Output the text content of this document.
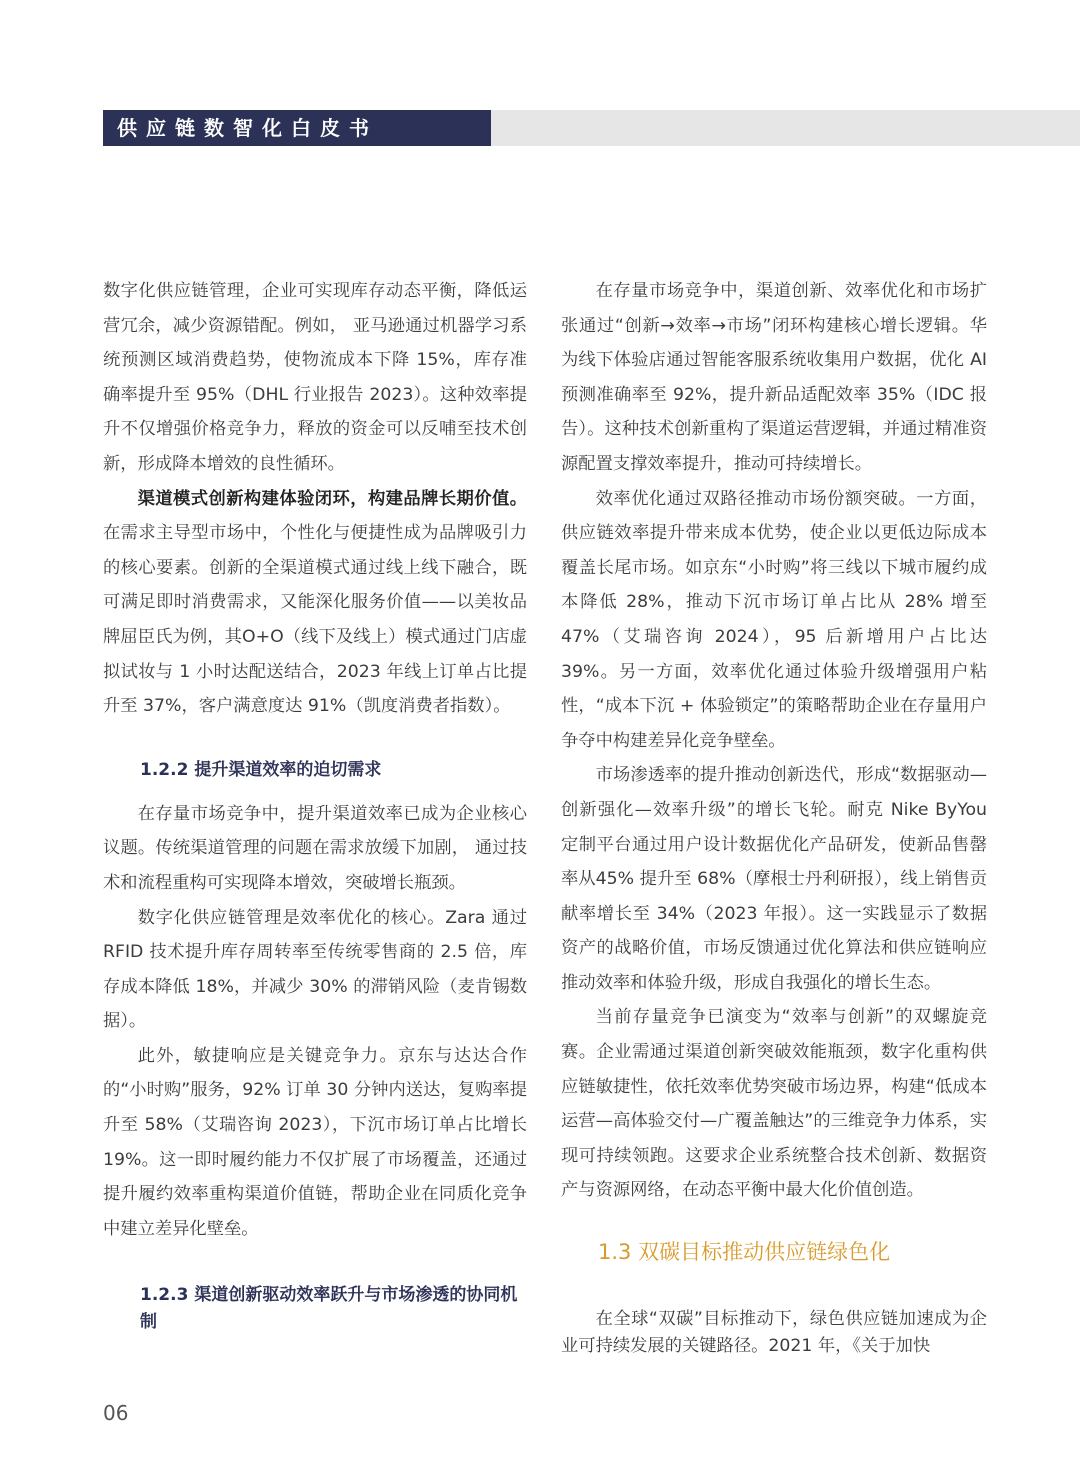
供应链数智化白皮书

数字化供应链管理，企业可实现库存动态平衡，降低运营冗余，减少资源错配。例如， 亚马逊通过机器学习系统预测区域消费趋势，使物流成本下降 15%，库存准确率提升至 95%（DHL 行业报告 2023）。这种效率提升不仅增强价格竞争力，释放的资金可以反哺至技术创新，形成降本增效的良性循环。

渠道模式创新构建体验闭环，构建品牌长期价值。在需求主导型市场中，个性化与便捷性成为品牌吸引力的核心要素。创新的全渠道模式通过线上线下融合，既可满足即时消费需求，又能深化服务价值——以美妆品牌屈臣氏为例，其O+O（线下及线上）模式通过门店虚拟试妆与 1 小时达配送结合，2023 年线上订单占比提升至 37%，客户满意度达 91%（凯度消费者指数）。

1.2.2 提升渠道效率的迫切需求

在存量市场竞争中，提升渠道效率已成为企业核心议题。传统渠道管理的问题在需求放缓下加剧， 通过技术和流程重构可实现降本增效，突破增长瓶颈。

数字化供应链管理是效率优化的核心。Zara 通过 RFID 技术提升库存周转率至传统零售商的 2.5 倍，库存成本降低 18%，并减少 30% 的滞销风险（麦肯锡数据）。

此外，敏捷响应是关键竞争力。京东与达达合作的“小时购”服务，92% 订单 30 分钟内送达，复购率提升至 58%（艾瑞咨询 2023），下沉市场订单占比增长 19%。这一即时履约能力不仅扩展了市场覆盖，还通过提升履约效率重构渠道价值链，帮助企业在同质化竞争中建立差异化壁垒。

1.2.3 渠道创新驱动效率跃升与市场渗透的协同机制

在存量市场竞争中，渠道创新、效率优化和市场扩张通过“创新→效率→市场”闭环构建核心增长逻辑。华为线下体验店通过智能客服系统收集用户数据，优化 AI 预测准确率至 92%，提升新品适配效率 35%（IDC 报告）。这种技术创新重构了渠道运营逻辑，并通过精准资源配置支撑效率提升，推动可持续增长。

效率优化通过双路径推动市场份额突破。一方面，供应链效率提升带来成本优势，使企业以更低边际成本覆盖长尾市场。如京东“小时购”将三线以下城市履约成本降低 28%，推动下沉市场订单占比从 28% 增至 47%（艾瑞咨询 2024），95 后新增用户占比达 39%。另一方面，效率优化通过体验升级增强用户粘性，“成本下沉 + 体验锁定”的策略帮助企业在存量用户争夺中构建差异化竞争壁垒。

市场渗透率的提升推动创新迭代，形成“数据驱动—创新强化—效率升级”的增长飞轮。耐克 Nike ByYou 定制平台通过用户设计数据优化产品研发，使新品售罄率从45% 提升至 68%（摩根士丹利研报），线上销售贡献率增长至 34%（2023 年报）。这一实践显示了数据资产的战略价值，市场反馈通过优化算法和供应链响应推动效率和体验升级，形成自我强化的增长生态。

当前存量竞争已演变为“效率与创新”的双螺旋竞赛。企业需通过渠道创新突破效能瓶颈，数字化重构供应链敏捷性，依托效率优势突破市场边界，构建“低成本运营—高体验交付—广覆盖触达”的三维竞争力体系，实现可持续领跑。这要求企业系统整合技术创新、数据资产与资源网络，在动态平衡中最大化价值创造。

1.3 双碳目标推动供应链绿色化

在全球“双碳”目标推动下，绿色供应链加速成为企业可持续发展的关键路径。2021 年，《关于加快

06
